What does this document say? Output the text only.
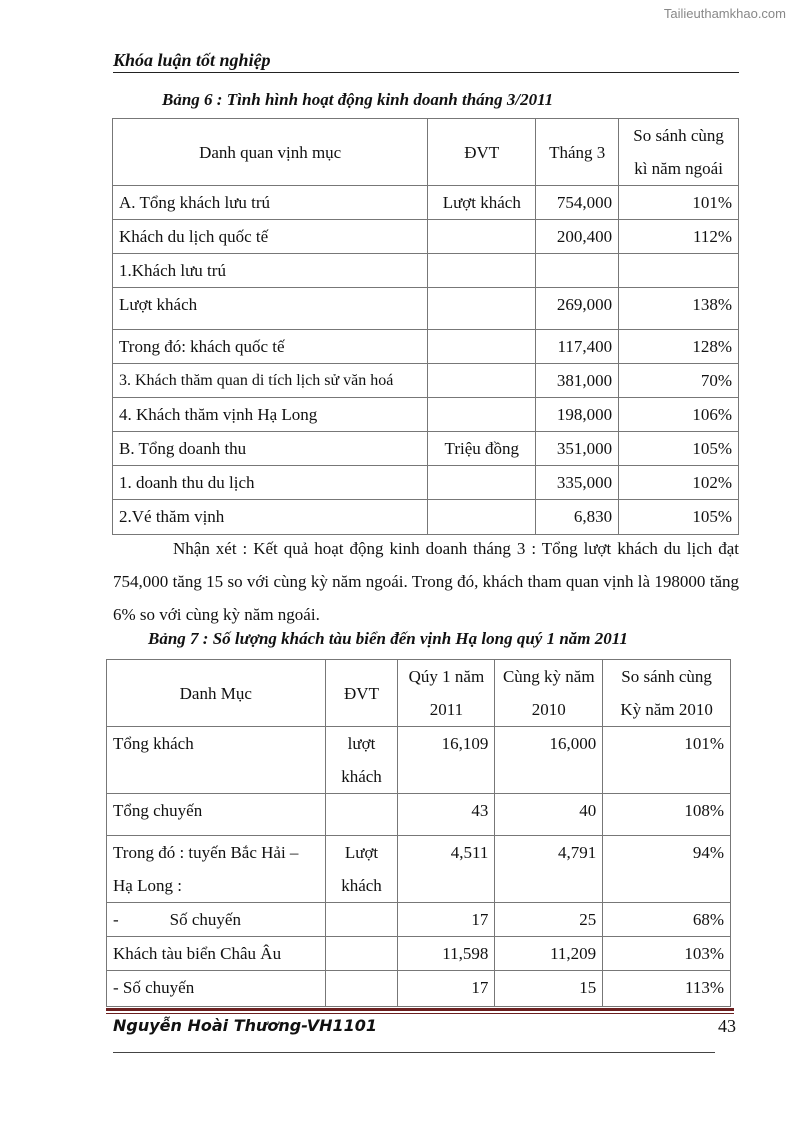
Tailieuthamkhao.com
Khóa luận tốt nghiệp
Bảng 6 : Tình hình hoạt động kinh doanh tháng 3/2011
Danh quan vịnh mục	ĐVT	Tháng 3	So sánh cùng kì năm ngoái
A. Tổng khách lưu trú	Lượt khách	754,000	101%
Khách du lịch quốc tế		200,400	112%
1.Khách lưu trú			
Lượt khách		269,000	138%
Trong đó: khách quốc tế		117,400	128%
3. Khách thăm quan di tích lịch sử văn hoá		381,000	70%
4. Khách thăm vịnh Hạ Long		198,000	106%
B. Tổng doanh thu	Triệu đồng	351,000	105%
1. doanh thu du lịch		335,000	102%
2.Vé thăm vịnh		6,830	105%
Nhận xét : Kết quả hoạt động kinh doanh tháng 3 : Tổng lượt khách du lịch đạt 754,000 tăng 15 so với cùng kỳ năm ngoái. Trong đó, khách tham quan vịnh là 198000 tăng 6% so với cùng kỳ năm ngoái.
Bảng 7 : Số lượng khách tàu biển đến vịnh Hạ long quý 1 năm 2011
Danh Mục	ĐVT	Qúy 1 năm 2011	Cùng kỳ năm 2010	So sánh cùng Kỳ năm 2010
Tổng khách	lượt khách	16,109	16,000	101%
Tổng chuyến		43	40	108%
Trong đó : tuyến Bắc Hải – Hạ Long :	Lượt khách	4,511	4,791	94%
-            Số chuyến		17	25	68%
Khách tàu biển Châu Âu		11,598	11,209	103%
- Số chuyến		17	15	113%
Nguyễn Hoài Thương-VH1101	43
